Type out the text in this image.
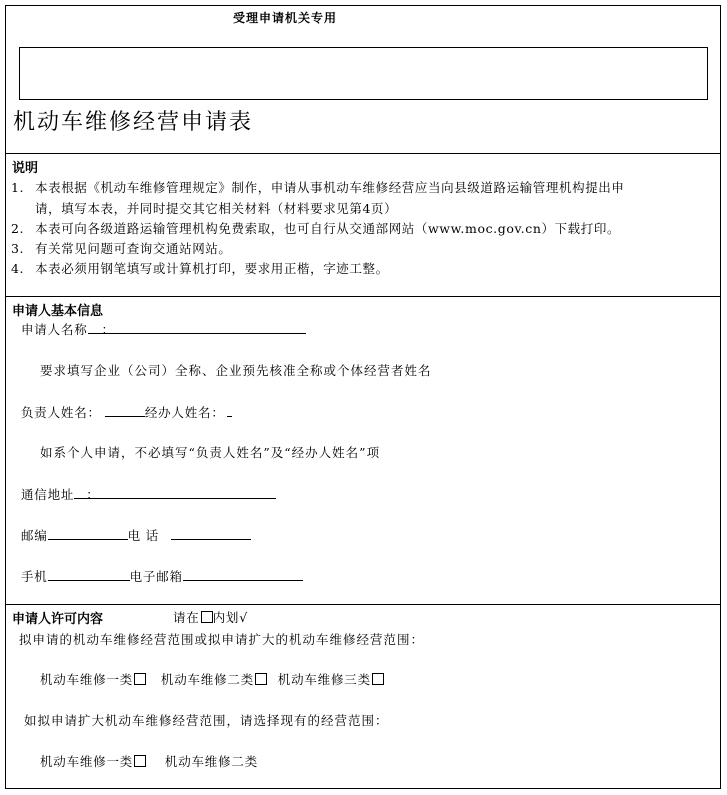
受理申请机关专用
机动车维修经营申请表
说明
1. 本表根据《机动车维修管理规定》制作，申请从事机动车维修经营应当向县级道路运输管理机构提出申
请，填写本表，并同时提交其它相关材料（材料要求见第4页）
2. 本表可向各级道路运输管理机构免费索取，也可自行从交通部网站（www.moc.gov.cn）下载打印。
3. 有关常见问题可查询交通站网站。
4. 本表必须用钢笔填写或计算机打印，要求用正楷，字迹工整。
申请人基本信息
申请人名称 ：
要求填写企业（公司）全称、企业预先核准全称或个体经营者姓名
负责人姓名：	经办人姓名：
如系个人申请，不必填写“负责人姓名”及“经办人姓名”项
通信地址 ：
邮编	电 话
手机	电子邮箱
申请人许可内容	请在 内划√
拟申请的机动车维修经营范围或拟申请扩大的机动车维修经营范围：
机动车维修一类 机动车维修二类 机动车维修三类
如拟申请扩大机动车维修经营范围，请选择现有的经营范围：
机动车维修一类	机动车维修二类
